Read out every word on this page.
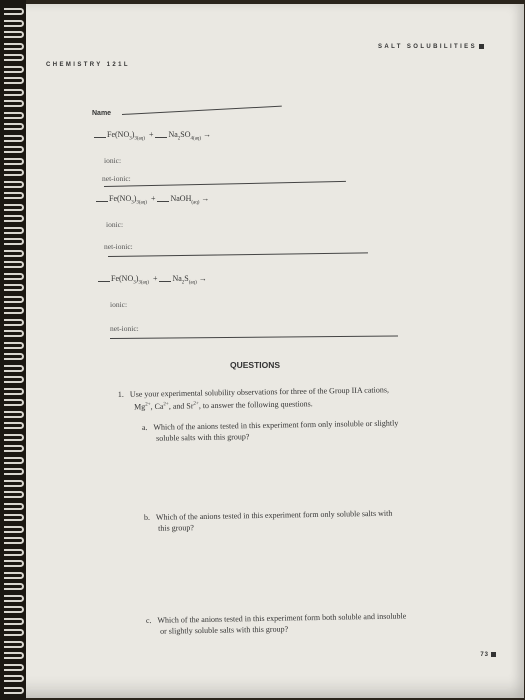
SALT SOLUBILITIES
CHEMISTRY 121L
Name
$Fe(NO_3)_{3(aq)} + Na_2SO_{4(aq)}$ →
ionic:
net-ionic:
$Fe(NO_3)_{3(aq)}$  + NaOH$_{(aq)}$ →
ionic:
net-ionic:
$Fe(NO_3)_{3(aq)} + Na_2S_{(aq)}$ →
ionic:
net-ionic:
QUESTIONS
1. Use your experimental solubility observations for three of the Group IIA cations,
$Mg^{2+}$, $Ca^{2+}$, and $Sr^{2+}$, to answer the following questions.
a. Which of the anions tested in this experiment form only insoluble or slightly
soluble salts with this group?
b. Which of the anions tested in this experiment form only soluble salts with
this group?
c. Which of the anions tested in this experiment form both soluble and insoluble
or slightly soluble salts with this group?
73
